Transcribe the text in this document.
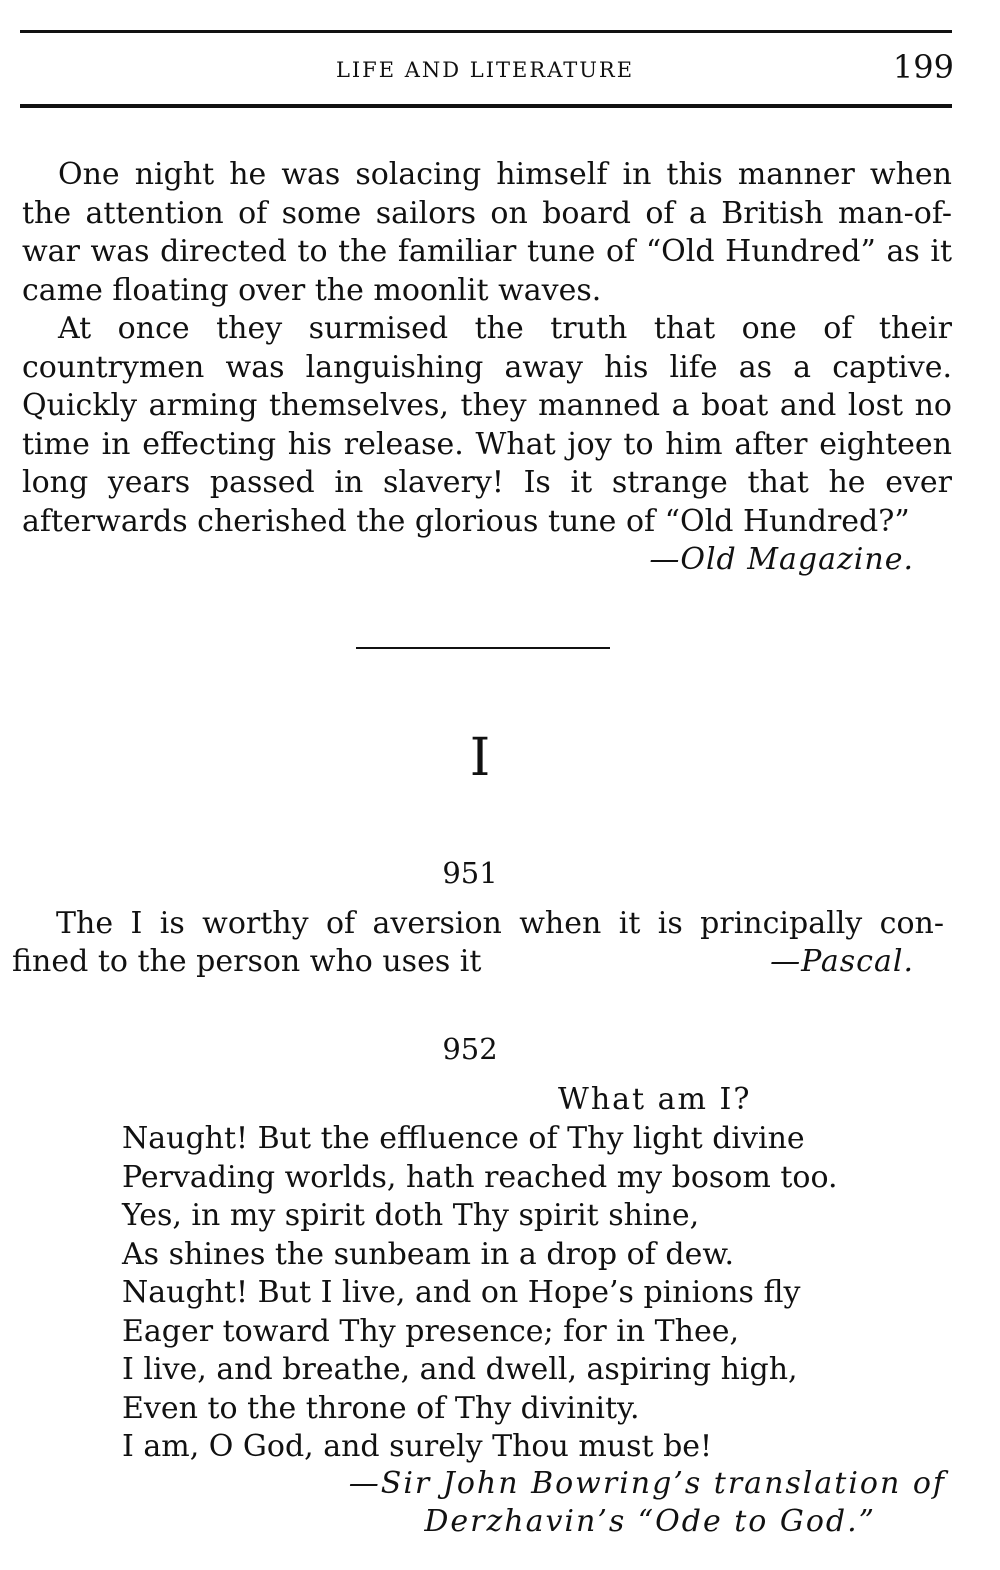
LIFE AND LITERATURE	199

One night he was solacing himself in this manner when the attention of some sailors on board of a British man-of-war was directed to the familiar tune of “Old Hundred” as it came floating over the moonlit waves.

At once they surmised the truth that one of their countrymen was languishing away his life as a captive. Quickly arming themselves, they manned a boat and lost no time in effecting his release. What joy to him after eighteen long years passed in slavery! Is it strange that he ever afterwards cherished the glorious tune of “Old Hundred?”

—Old Magazine.
I
951
The I is worthy of aversion when it is principally con-
fined to the person who uses it	—Pascal.
952
What am I?
Naught! But the effluence of Thy light divine
Pervading worlds, hath reached my bosom too.
Yes, in my spirit doth Thy spirit shine,
As shines the sunbeam in a drop of dew.
Naught! But I live, and on Hope’s pinions fly
Eager toward Thy presence; for in Thee,
I live, and breathe, and dwell, aspiring high,
Even to the throne of Thy divinity.
I am, O God, and surely Thou must be!
—Sir John Bowring’s translation of
Derzhavin’s “Ode to God.”
